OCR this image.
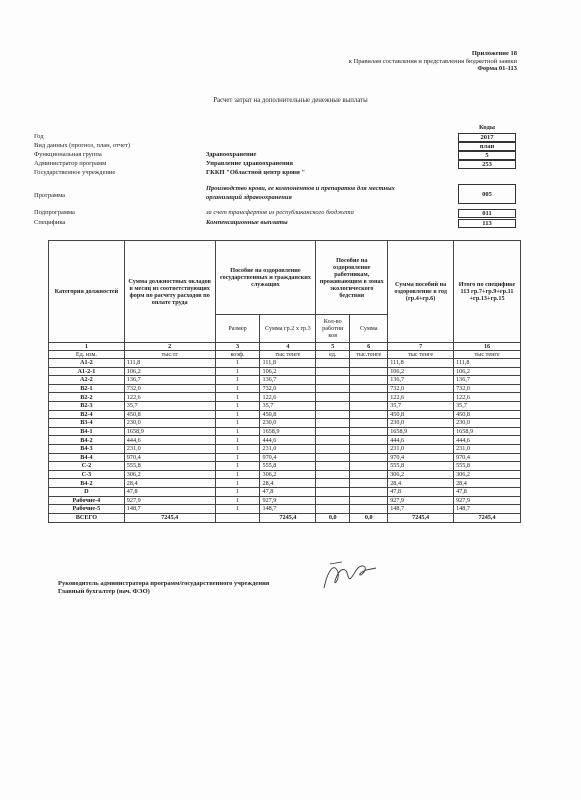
Приложение 18
к Правилам составления и представления бюджетной заявки
Форма 01-113
Расчет затрат на дополнительные денежные выплаты
Коды
Год	2017
Вид данных (прогноз, план, отчет)	план
Функциональная группа	Здравоохранение	5
Администратор программ	Управление здравоохранения	253
Государственное учреждение	ГККП "Областной центр крови "
Программа
Производство крови, ее компонентов и препаратов для местных организаций здравоохранения	005
Подпрограмма	за счет трансфертов из республиканского бюджета	011
Специфика	Компенсационные выплаты	113
Категория должностей	Сумма должностных окладов в месяц из соответствующих форм по расчету расходов по оплате труда	Пособие на оздоровление государственных и гражданских служащих		Пособие на оздоровление работникам, проживающим в зонах экологического бедствия		Сумма пособий на оздоровление в год (гр.4+гр.6)	Итого по специфике 113 гр.7+гр.9+гр.11 +гр.13+гр.15
		Размер	Сумма гр.2 х гр.3	Кол-во работни ков	Сумма		
1	2	3	4	5	6	7	16
Ед. изм.	тыс.тг	коэф.	тыс тенге	ед.	тыс.тенге	тыс тенге	тыс тенге
А1-2	111,8	1	111,8			111,8	111,8
А1-2-1	106,2	1	106,2			106,2	106,2
А2-2	136,7	1	136,7			136,7	136,7
В2-1	732,0	1	732,0			732,0	732,0
В2-2	122,6	1	122,6			122,6	122,6
В2-3	35,7	1	35,7			35,7	35,7
В2-4	450,8	1	450,8			450,8	450,8
В3-4	230,0	1	230,0			230,0	230,0
В4-1	1658,9	1	1658,9			1658,9	1658,9
В4-2	444,6	1	444,6			444,6	444,6
В4-3	231,0	1	231,0			231,0	231,0
В4-4	970,4	1	970,4			970,4	970,4
С-2	555,8	1	555,8			555,8	555,8
С-3	306,2	1	306,2			306,2	306,2
В4-2	28,4	1	28,4			28,4	28,4
D	47,8	1	47,8			47,8	47,8
Рабочие-4	927,9	1	927,9			927,9	927,9
Рабочие-5	148,7	1	148,7			148,7	148,7
ВСЕГО	7245,4		7245,4	0,0	0,0	7245,4	7245,4
Руководитель администратора программ/государственного учреждения
Главный бухгалтер (нач. ФЭО)
